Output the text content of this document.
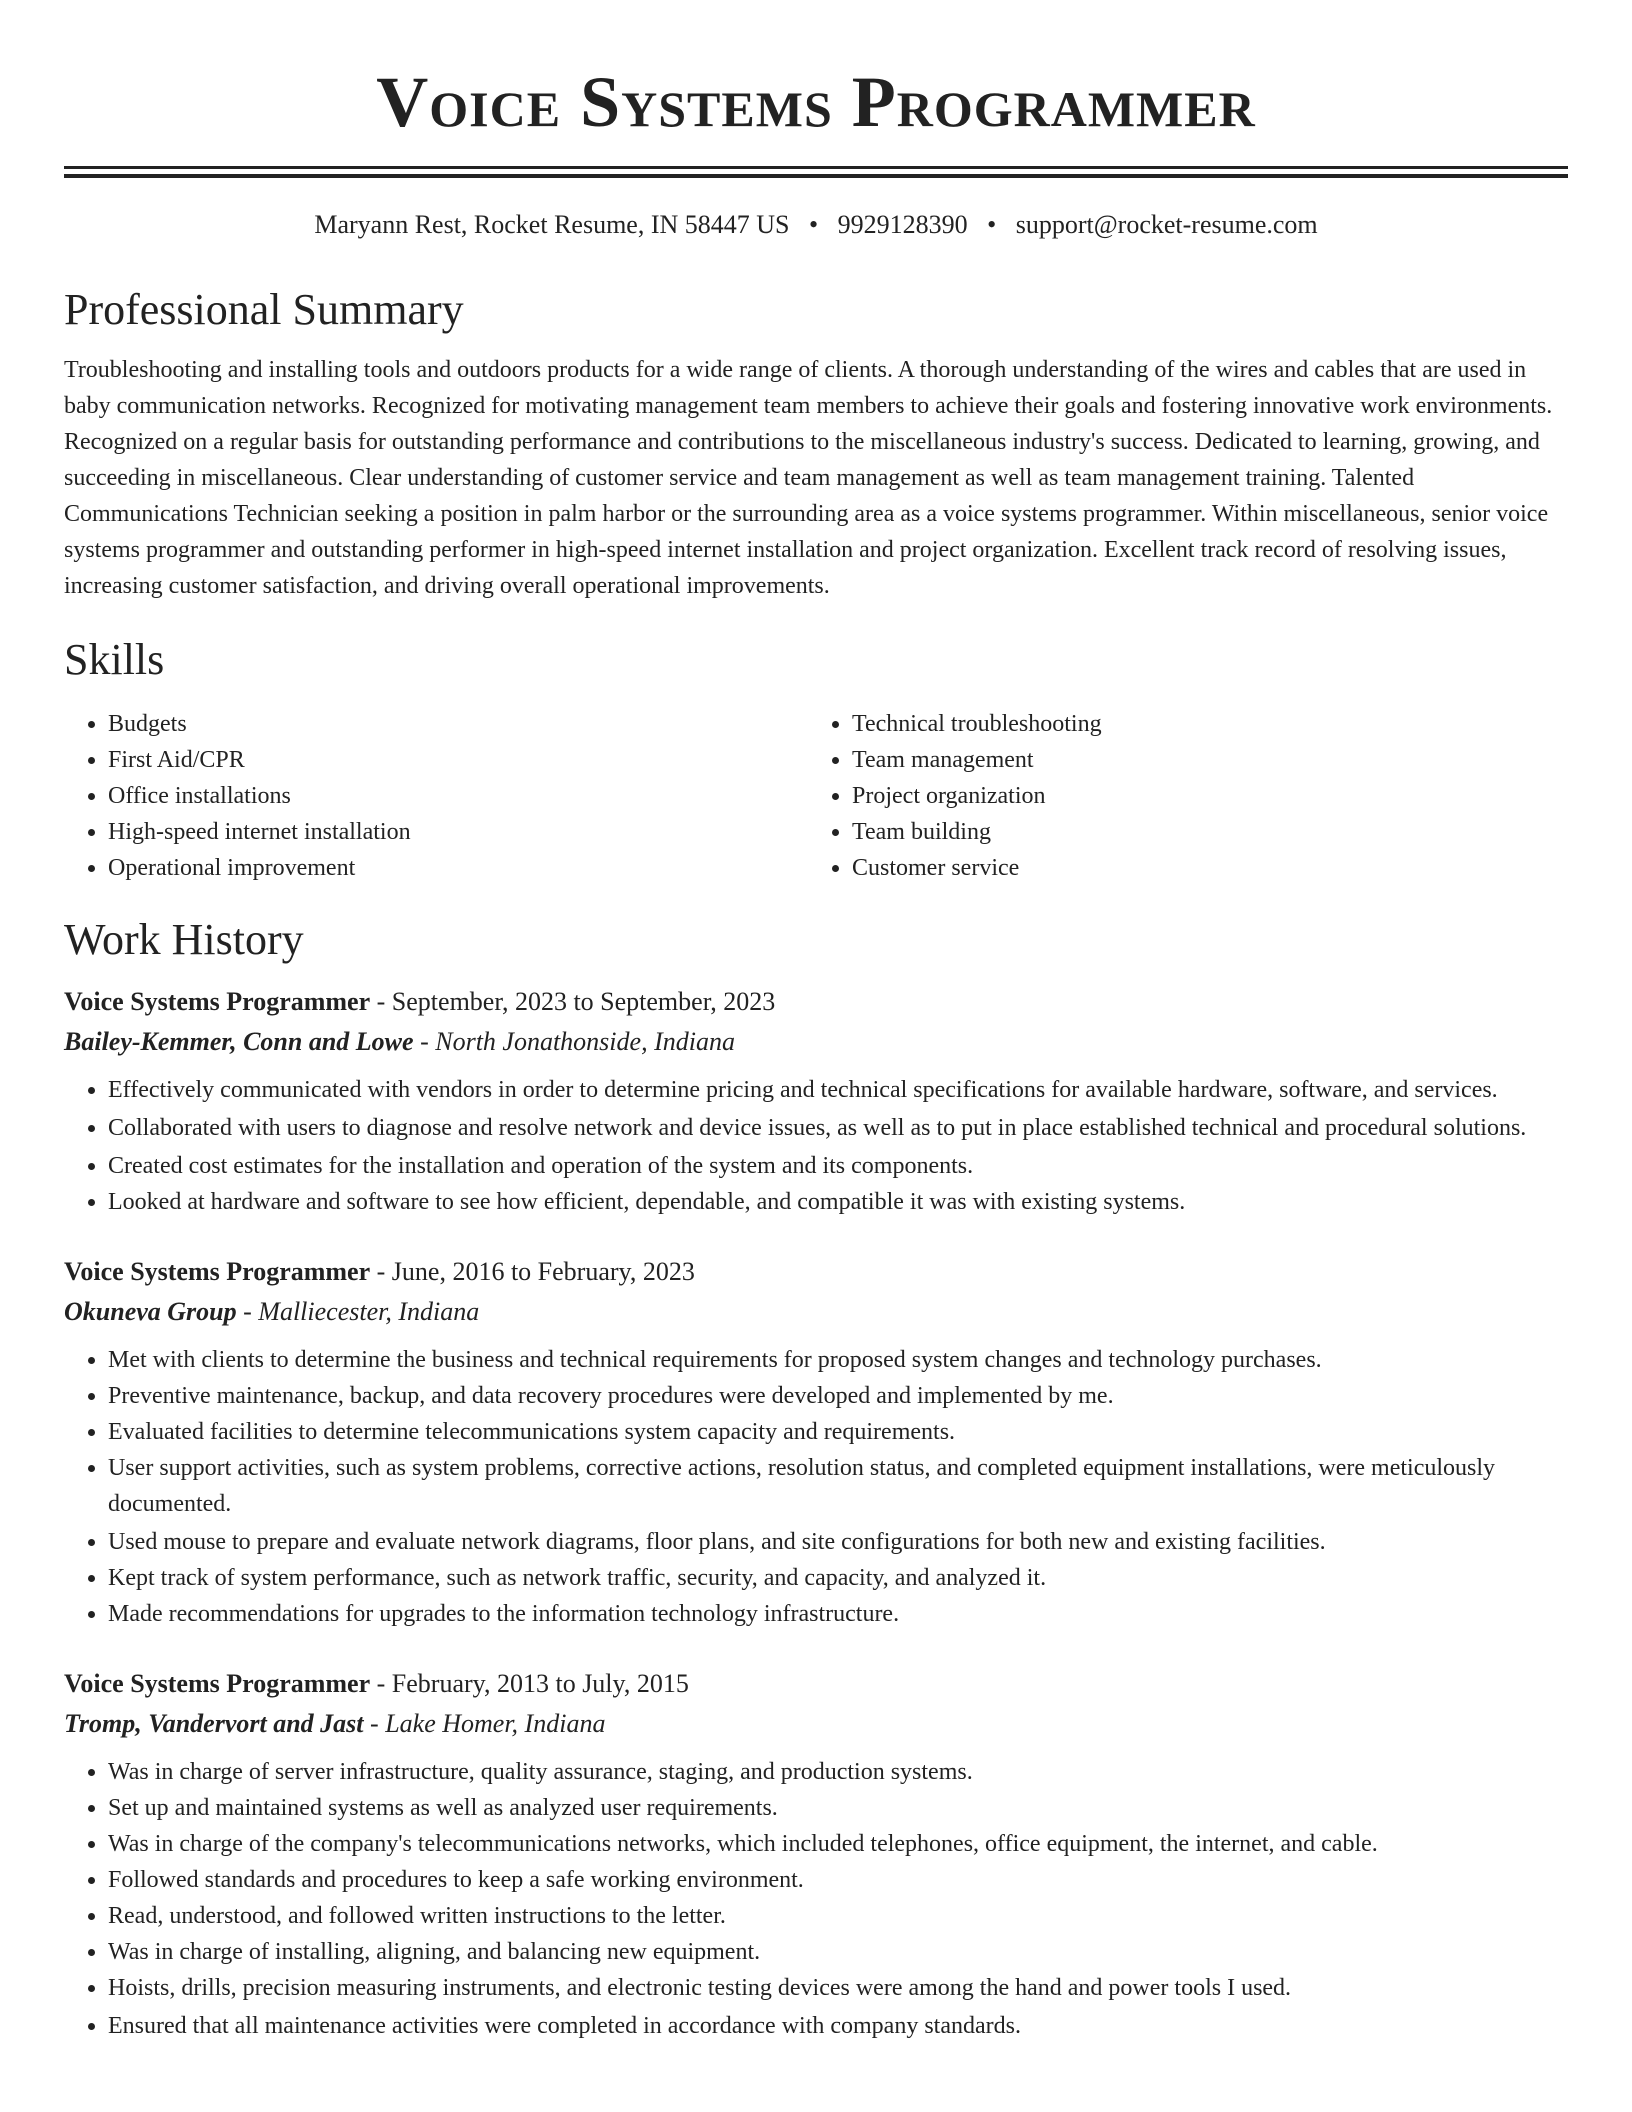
Voice Systems Programmer
Maryann Rest, Rocket Resume, IN 58447 US • 9929128390 • support@rocket-resume.com
Professional Summary

Troubleshooting and installing tools and outdoors products for a wide range of clients. A thorough understanding of the wires and cables that are used in baby communication networks. Recognized for motivating management team members to achieve their goals and fostering innovative work environments. Recognized on a regular basis for outstanding performance and contributions to the miscellaneous industry's success. Dedicated to learning, growing, and succeeding in miscellaneous. Clear understanding of customer service and team management as well as team management training. Talented Communications Technician seeking a position in palm harbor or the surrounding area as a voice systems programmer. Within miscellaneous, senior voice systems programmer and outstanding performer in high-speed internet installation and project organization. Excellent track record of resolving issues, increasing customer satisfaction, and driving overall operational improvements.

Skills
• Budgets
• First Aid/CPR
• Office installations
• High-speed internet installation
• Operational improvement
• Technical troubleshooting
• Team management
• Project organization
• Team building
• Customer service
Work History
Voice Systems Programmer - September, 2023 to September, 2023
Bailey-Kemmer, Conn and Lowe - North Jonathonside, Indiana
• Effectively communicated with vendors in order to determine pricing and technical specifications for available hardware, software, and services.
• Collaborated with users to diagnose and resolve network and device issues, as well as to put in place established technical and procedural solutions.
• Created cost estimates for the installation and operation of the system and its components.
• Looked at hardware and software to see how efficient, dependable, and compatible it was with existing systems.
Voice Systems Programmer - June, 2016 to February, 2023
Okuneva Group - Malliecester, Indiana
• Met with clients to determine the business and technical requirements for proposed system changes and technology purchases.
• Preventive maintenance, backup, and data recovery procedures were developed and implemented by me.
• Evaluated facilities to determine telecommunications system capacity and requirements.
• User support activities, such as system problems, corrective actions, resolution status, and completed equipment installations, were meticulously documented.
• Used mouse to prepare and evaluate network diagrams, floor plans, and site configurations for both new and existing facilities.
• Kept track of system performance, such as network traffic, security, and capacity, and analyzed it.
• Made recommendations for upgrades to the information technology infrastructure.
Voice Systems Programmer - February, 2013 to July, 2015
Tromp, Vandervort and Jast - Lake Homer, Indiana
• Was in charge of server infrastructure, quality assurance, staging, and production systems.
• Set up and maintained systems as well as analyzed user requirements.
• Was in charge of the company's telecommunications networks, which included telephones, office equipment, the internet, and cable.
• Followed standards and procedures to keep a safe working environment.
• Read, understood, and followed written instructions to the letter.
• Was in charge of installing, aligning, and balancing new equipment.
• Hoists, drills, precision measuring instruments, and electronic testing devices were among the hand and power tools I used.
• Ensured that all maintenance activities were completed in accordance with company standards.
